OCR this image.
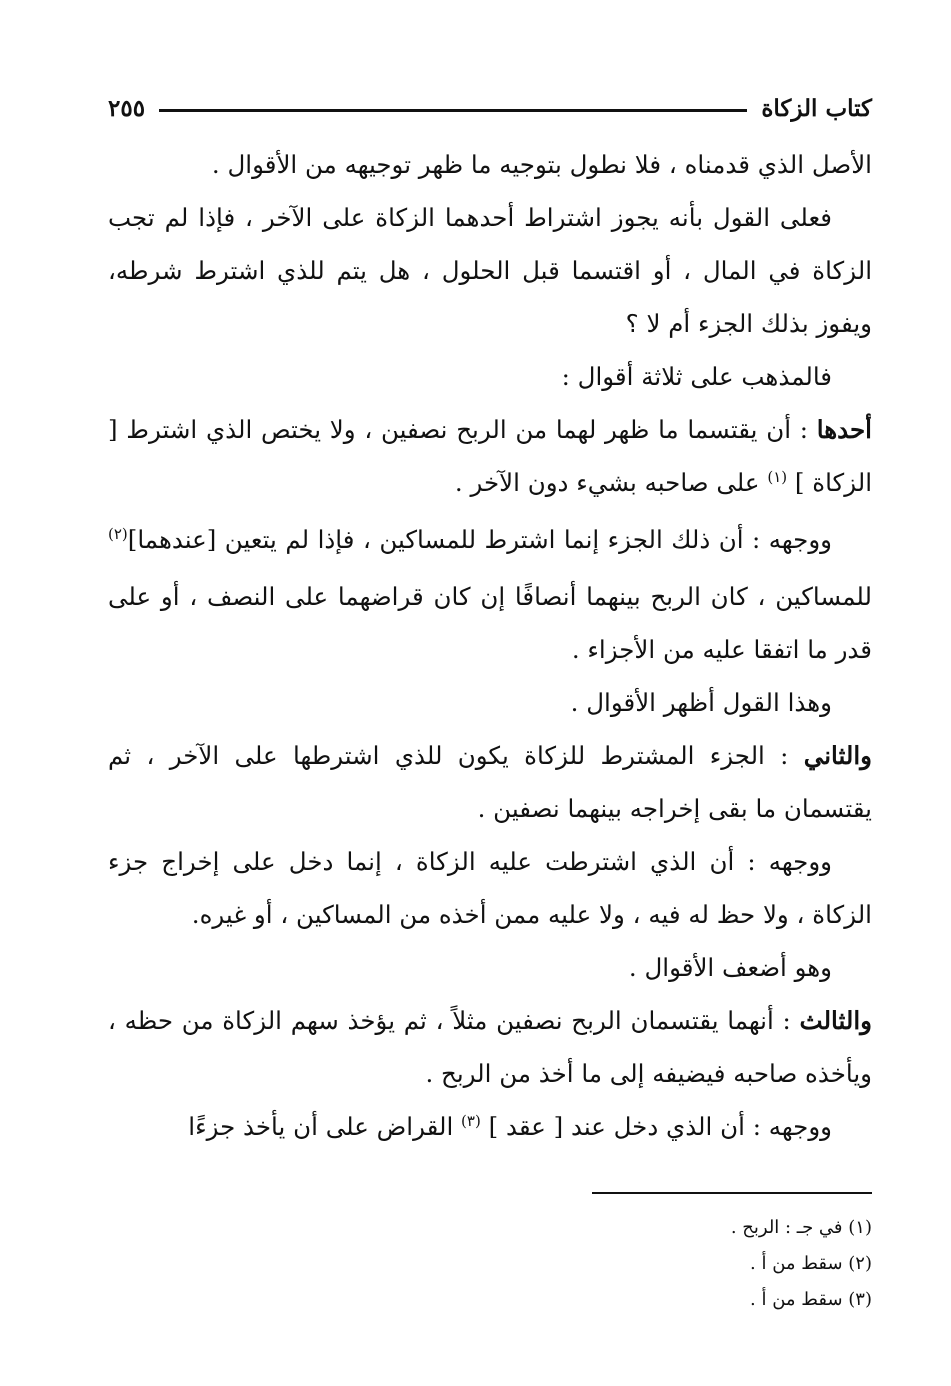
كتاب الزكاة
٢٥٥

الأصل الذي قدمناه ، فلا نطول بتوجيه ما ظهر توجيهه من الأقوال .

فعلى القول بأنه يجوز اشتراط أحدهما الزكاة على الآخر ، فإذا لم تجب الزكاة في المال ، أو اقتسما قبل الحلول ، هل يتم للذي اشترط شرطه، ويفوز بذلك الجزء أم لا ؟

فالمذهب على ثلاثة أقوال :

أحدها : أن يقتسما ما ظهر لهما من الربح نصفين ، ولا يختص الذي اشترط [ الزكاة ] $^{(١)}$ على صاحبه بشيء دون الآخر .

ووجهه : أن ذلك الجزء إنما اشترط للمساكين ، فإذا لم يتعين [عندهما]$^{(٢)}$ للمساكين ، كان الربح بينهما أنصافًا إن كان قراضهما على النصف ، أو على قدر ما اتفقا عليه من الأجزاء .

وهذا القول أظهر الأقوال .

والثاني : الجزء المشترط للزكاة يكون للذي اشترطها على الآخر ، ثم يقتسمان ما بقى إخراجه بينهما نصفين .

ووجهه : أن الذي اشترطت عليه الزكاة ، إنما دخل على إخراج جزء الزكاة ، ولا حظ له فيه ، ولا عليه ممن أخذه من المساكين ، أو غيره.

وهو أضعف الأقوال .

والثالث : أنهما يقتسمان الربح نصفين مثلاً ، ثم يؤخذ سهم الزكاة من حظه ، ويأخذه صاحبه فيضيفه إلى ما أخذ من الربح .

ووجهه : أن الذي دخل عند [ عقد ] $^{(٣)}$ القراض على أن يأخذ جزءًا

(١) في جـ : الربح .

(٢) سقط من أ .

(٣) سقط من أ .
